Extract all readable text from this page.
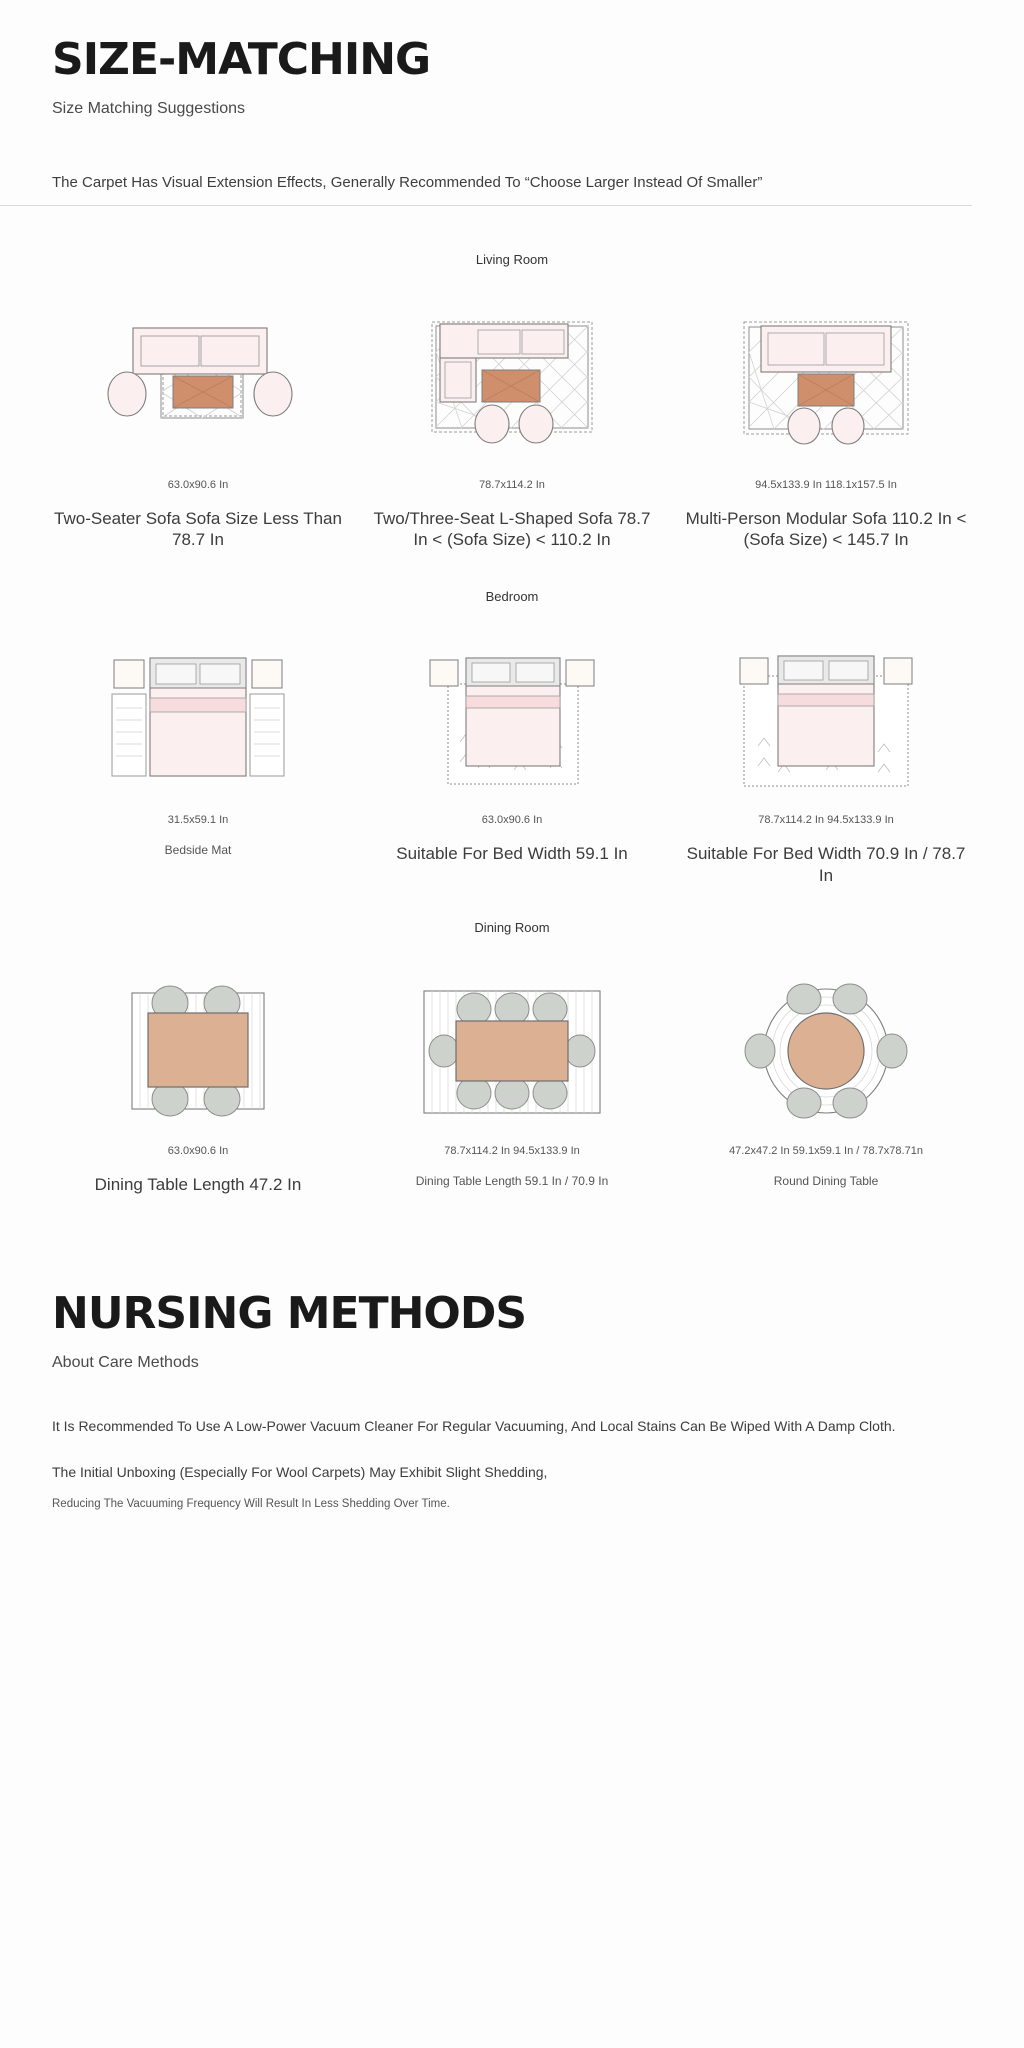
SIZE-MATCHING

Size Matching Suggestions

The Carpet Has Visual Extension Effects, Generally Recommended To “Choose Larger Instead Of Smaller”

Living Room

63.0x90.6 In
Two-Seater Sofa Sofa Size Less Than 78.7 In
78.7x114.2 In
Two/Three-Seat L-Shaped Sofa 78.7 In < (Sofa Size) < 110.2 In
94.5x133.9 In 118.1x157.5 In
Multi-Person Modular Sofa 110.2 In < (Sofa Size) < 145.7 In

Bedroom

31.5x59.1 In
Bedside Mat
63.0x90.6 In
Suitable For Bed Width 59.1 In
78.7x114.2 In 94.5x133.9 In
Suitable For Bed Width 70.9 In / 78.7 In

Dining Room

63.0x90.6 In
Dining Table Length 47.2 In
78.7x114.2 In 94.5x133.9 In
Dining Table Length 59.1 In / 70.9 In
47.2x47.2 In 59.1x59.1 In / 78.7x78.71n
Round Dining Table
NURSING METHODS

About Care Methods

It Is Recommended To Use A Low-Power Vacuum Cleaner For Regular Vacuuming, And Local Stains Can Be Wiped With A Damp Cloth.

The Initial Unboxing (Especially For Wool Carpets) May Exhibit Slight Shedding,

Reducing The Vacuuming Frequency Will Result In Less Shedding Over Time.
